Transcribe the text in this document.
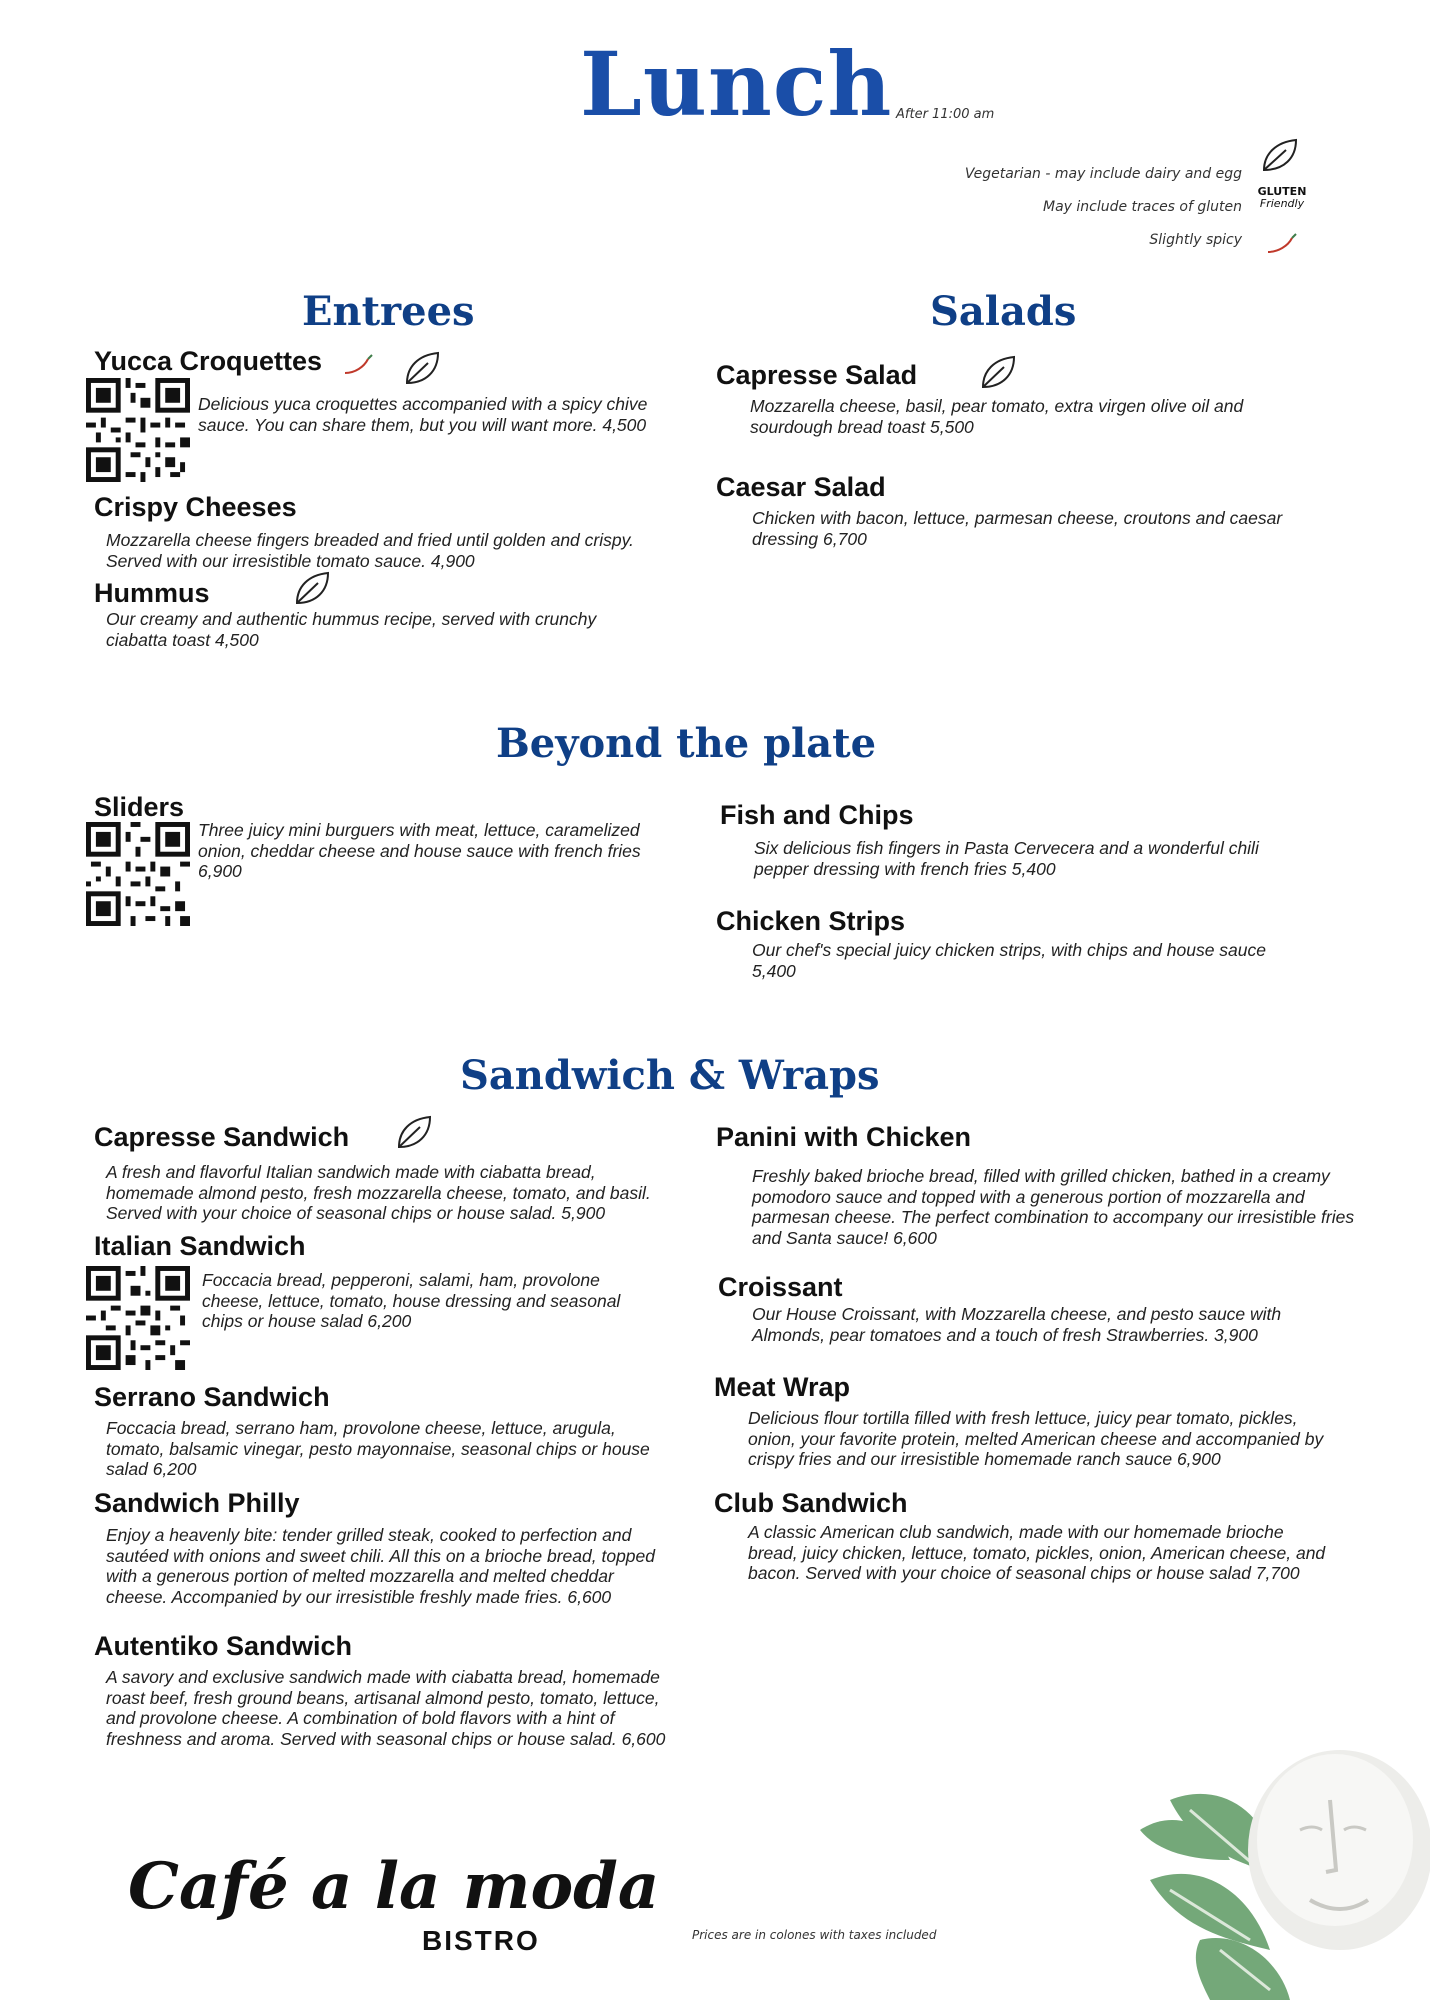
Lunch After 11:00 am
Vegetarian - may include dairy and egg
May include traces of gluten
Slightly spicy
GLUTEN
Friendly
Entrees
Yucca Croquettes
Delicious yuca croquettes accompanied with a spicy chive sauce. You can share them, but you will want more. 4,500
Crispy Cheeses
Mozzarella cheese fingers breaded and fried until golden and crispy. Served with our irresistible tomato sauce. 4,900
Hummus
Our creamy and authentic hummus recipe, served with crunchy ciabatta toast 4,500
Salads
Capresse Salad
Mozzarella cheese, basil, pear tomato, extra virgen olive oil and sourdough bread toast 5,500
Caesar Salad
Chicken with bacon, lettuce, parmesan cheese, croutons and caesar dressing 6,700
Beyond the plate
Sliders
Three juicy mini burguers with meat, lettuce, caramelized onion, cheddar cheese and house sauce with french fries 6,900
Fish and Chips
Six delicious fish fingers in Pasta Cervecera and a wonderful chili pepper dressing with french fries 5,400
Chicken Strips
Our chef's special juicy chicken strips, with chips and house sauce 5,400
Sandwich & Wraps
Capresse Sandwich
A fresh and flavorful Italian sandwich made with ciabatta bread, homemade almond pesto, fresh mozzarella cheese, tomato, and basil. Served with your choice of seasonal chips or house salad. 5,900
Italian Sandwich
Foccacia bread, pepperoni, salami, ham, provolone cheese, lettuce, tomato, house dressing and seasonal chips or house salad 6,200
Serrano Sandwich
Foccacia bread, serrano ham, provolone cheese, lettuce, arugula, tomato, balsamic vinegar, pesto mayonnaise, seasonal chips or house salad 6,200
Sandwich Philly
Enjoy a heavenly bite: tender grilled steak, cooked to perfection and sautéed with onions and sweet chili. All this on a brioche bread, topped with a generous portion of melted mozzarella and melted cheddar cheese. Accompanied by our irresistible freshly made fries. 6,600
Autentiko Sandwich
A savory and exclusive sandwich made with ciabatta bread, homemade roast beef, fresh ground beans, artisanal almond pesto, tomato, lettuce, and provolone cheese. A combination of bold flavors with a hint of freshness and aroma. Served with seasonal chips or house salad. 6,600
Panini with Chicken
Freshly baked brioche bread, filled with grilled chicken, bathed in a creamy pomodoro sauce and topped with a generous portion of mozzarella and parmesan cheese. The perfect combination to accompany our irresistible fries and Santa sauce! 6,600
Croissant
Our House Croissant, with Mozzarella cheese, and pesto sauce with Almonds, pear tomatoes and a touch of fresh Strawberries. 3,900
Meat Wrap
Delicious flour tortilla filled with fresh lettuce, juicy pear tomato, pickles, onion, your favorite protein, melted American cheese and accompanied by crispy fries and our irresistible homemade ranch sauce 6,900
Club Sandwich
A classic American club sandwich, made with our homemade brioche bread, juicy chicken, lettuce, tomato, pickles, onion, American cheese, and bacon. Served with your choice of seasonal chips or house salad 7,700
Café a la moda
BISTRO	Prices are in colones with taxes included
